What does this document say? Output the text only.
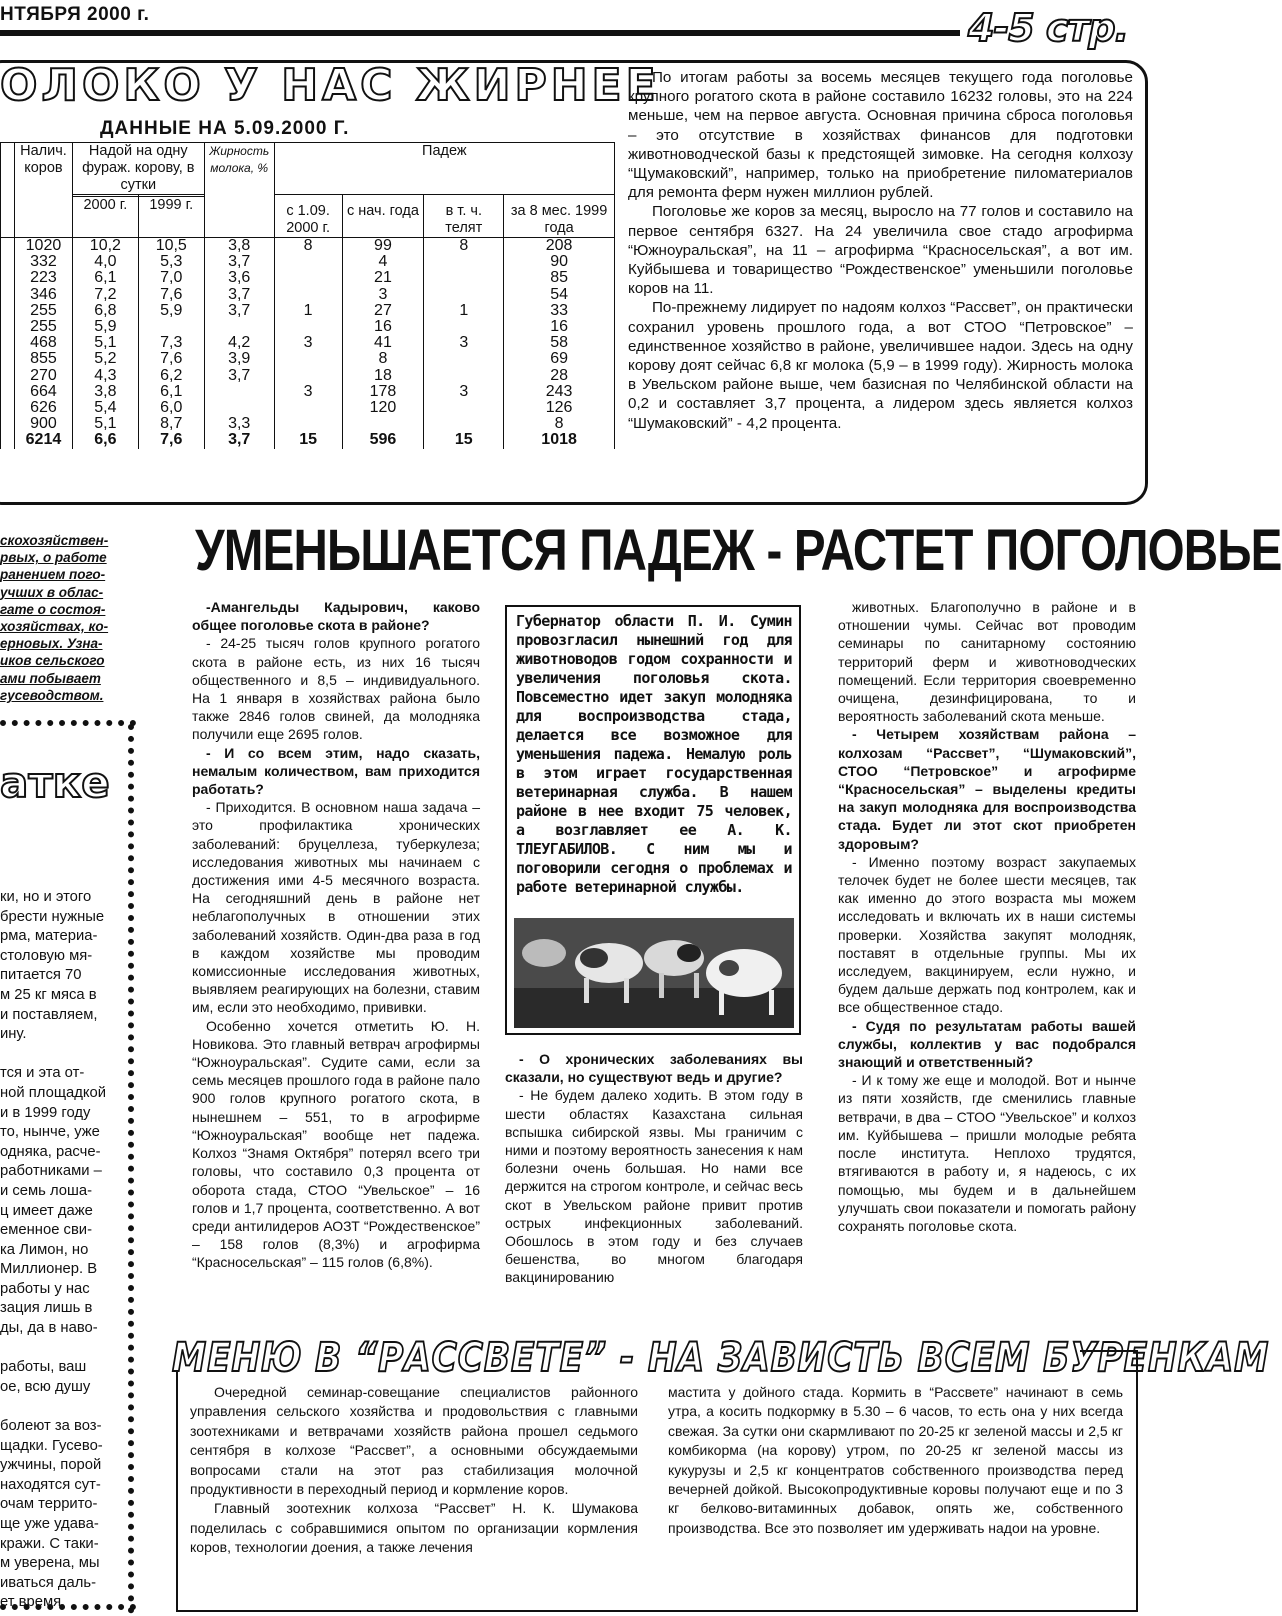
НТЯБРЯ 2000 г.	4-5 стр.
ОЛОКО У НАС ЖИРНЕЕ
ДАННЫЕ НА 5.09.2000 Г.
	Налич. коров	Надой на одну фураж. корову, в сутки		Жирность молока, %	Падеж			
					с 1.09. 2000 г.	с нач. года	в т. ч. телят	за 8 мес. 1999 года
		2000 г.	1999 г.					
	1020	10,2	10,5	3,8	8	99	8	208
	332	4,0	5,3	3,7		4		90
	223	6,1	7,0	3,6		21		85
	346	7,2	7,6	3,7		3		54
	255	6,8	5,9	3,7	1	27	1	33
	255	5,9				16		16
	468	5,1	7,3	4,2	3	41	3	58
	855	5,2	7,6	3,9		8		69
	270	4,3	6,2	3,7		18		28
	664	3,8	6,1		3	178	3	243

	626	5,4	6,0			120		126

	900	5,1	8,7	3,3				8
	6214	6,6	7,6	3,7	15	596	15	1018

По итогам работы за восемь месяцев текущего года поголовье крупного рогатого скота в районе составило 16232 головы, это на 224 меньше, чем на первое августа. Основная причина сброса поголовья – это отсутствие в хозяйствах финансов для подготовки животноводческой базы к предстоящей зимовке. На сегодня колхозу “Щумаковский”, например, только на приобретение пиломатериалов для ремонта ферм нужен миллион рублей.

Поголовье же коров за месяц, выросло на 77 голов и составило на первое сентября 6327. На 24 увеличила свое стадо агрофирма “Южноуральская”, на 11 – агрофирма “Красносельская”, а вот им. Куйбышева и товарищество “Рождественское” уменьшили поголовье коров на 11.

По-прежнему лидирует по надоям колхоз “Рассвет”, он практически сохранил уровень прошлого года, а вот СТОО “Петровское” – единственное хозяйство в районе, увеличившее надои. Здесь на одну корову доят сейчас 6,8 кг молока (5,9 – в 1999 году). Жирность молока в Увельском районе выше, чем базисная по Челябинской области на 0,2 и составляет 3,7 процента, а лидером здесь является колхоз “Шумаковский” - 4,2 процента.

скохозяйствен-
рвых, о работе
ранением пого-
учших в облас-
гате о состоя-
хозяйствах, ко-
ерновых. Узна-
иков сельского
ами побывает
гусеводством.
атке

ки, но и этого

брести нужные

рма, материа-

столовую мя-

питается 70

м 25 кг мяса в

и поставляем,

ину.

тся и эта от-

ной площадкой

и в 1999 году

то, нынче, уже

одняка, расче-

работниками –

и семь лоша-

ц имеет даже

еменное сви-

ка Лимон, но

Миллионер. В

работы у нас

зация лишь в

ды, да в наво-

работы, ваш

ое, всю душу

болеют за воз-

щадки. Гусево-

ужчины, порой

находятся сут-

очам террито-

ще уже удава-

кражи. С таки-

м уверена, мы

иваться даль-

ет время.

УМЕНЬШАЕТСЯ ПАДЕЖ - РАСТЕТ ПОГОЛОВЬЕ

-Амангельды Кадырович, каково общее поголовье скота в районе?

- 24-25 тысяч голов крупного рогатого скота в районе есть, из них 16 тысяч общественного и 8,5 – индивидуального. На 1 января в хозяйствах района было также 2846 голов свиней, да молодняка получили еще 2695 голов.

- И со всем этим, надо сказать, немалым количеством, вам приходится работать?

- Приходится. В основном наша задача – это профилактика хронических заболеваний: бруцеллеза, туберкулеза; исследования животных мы начинаем с достижения ими 4-5 месячного возраста. На сегодняшний день в районе нет неблагополучных в отношении этих заболеваний хозяйств. Один-два раза в год в каждом хозяйстве мы проводим комиссионные исследования животных, выявляем реагирующих на болезни, ставим им, если это необходимо, прививки.

Особенно хочется отметить Ю. Н. Новикова. Это главный ветврач агрофирмы “Южноуральская”. Судите сами, если за семь месяцев прошлого года в районе пало 900 голов крупного рогатого скота, в нынешнем – 551, то в агрофирме “Южноуральская” вообще нет падежа. Колхоз “Знамя Октября” потерял всего три головы, что составило 0,3 процента от оборота стада, СТОО “Увельское” – 16 голов и 1,7 процента, соответственно. А вот среди антилидеров АОЗТ “Рождественское” – 158 голов (8,3%) и агрофирма “Красносельская” – 115 голов (6,8%).

Губернатор области П. И. Сумин провозгласил нынешний год для животноводов годом сохранности и увеличения поголовья скота. Повсеместно идет закуп молодняка для воспроизводства стада, делается все возможное для уменьшения падежа. Немалую роль в этом играет государственная ветеринарная служба. В нашем районе в нее входит 75 человек, а возглавляет ее А. К. ТЛЕУГАБИЛОВ. С ним мы и поговорили сегодня о проблемах и работе ветеринарной службы.

- О хронических заболеваниях вы сказали, но существуют ведь и другие?

- Не будем далеко ходить. В этом году в шести областях Казахстана сильная вспышка сибирской язвы. Мы граничим с ними и поэтому вероятность занесения к нам болезни очень большая. Но нами все держится на строгом контроле, и сейчас весь скот в Увельском районе привит против острых инфекционных заболеваний. Обошлось в этом году и без случаев бешенства, во многом благодаря вакцинированию

животных. Благополучно в районе и в отношении чумы. Сейчас вот проводим семинары по санитарному состоянию территорий ферм и животноводческих помещений. Если территория своевременно очищена, дезинфицирована, то и вероятность заболеваний скота меньше.

- Четырем хозяйствам района – колхозам “Рассвет”, “Шумаковский”, СТОО “Петровское” и агрофирме “Красносельская” – выделены кредиты на закуп молодняка для воспроизводства стада. Будет ли этот скот приобретен здоровым?

- Именно поэтому возраст закупаемых телочек будет не более шести месяцев, так как именно до этого возраста мы можем исследовать и включать их в наши системы проверки. Хозяйства закупят молодняк, поставят в отдельные группы. Мы их исследуем, вакцинируем, если нужно, и будем дальше держать под контролем, как и все общественное стадо.

- Судя по результатам работы вашей службы, коллектив у вас подобрался знающий и ответственный?

- И к тому же еще и молодой. Вот и нынче из пяти хозяйств, где сменились главные ветврачи, в два – СТОО “Увельское” и колхоз им. Куйбышева – пришли молодые ребята после института. Неплохо трудятся, втягиваются в работу и, я надеюсь, с их помощью, мы будем и в дальнейшем улучшать свои показатели и помогать району сохранять поголовье скота.

МЕНЮ В “РАССВЕТЕ” - НА ЗАВИСТЬ ВСЕМ БУРЕНКАМ

Очередной семинар-совещание специалистов районного управления сельского хозяйства и продовольствия с главными зоотехниками и ветврачами хозяйств района прошел седьмого сентября в колхозе “Рассвет”, а основными обсуждаемыми вопросами стали на этот раз стабилизация молочной продуктивности в переходный период и кормление коров.

Главный зоотехник колхоза “Рассвет” Н. К. Шумакова поделилась с собравшимися опытом по организации кормления коров, технологии доения, а также лечения

мастита у дойного стада. Кормить в “Рассвете” начинают в семь утра, а косить подкормку в 5.30 – 6 часов, то есть она у них всегда свежая. За сутки они скармливают по 20-25 кг зеленой массы и 2,5 кг комбикорма (на корову) утром, по 20-25 кг зеленой массы из кукурузы и 2,5 кг концентратов собственного производства перед вечерней дойкой. Высокопродуктивные коровы получают еще и по 3 кг белково-витаминных добавок, опять же, собственного производства. Все это позволяет им удерживать надои на уровне.
